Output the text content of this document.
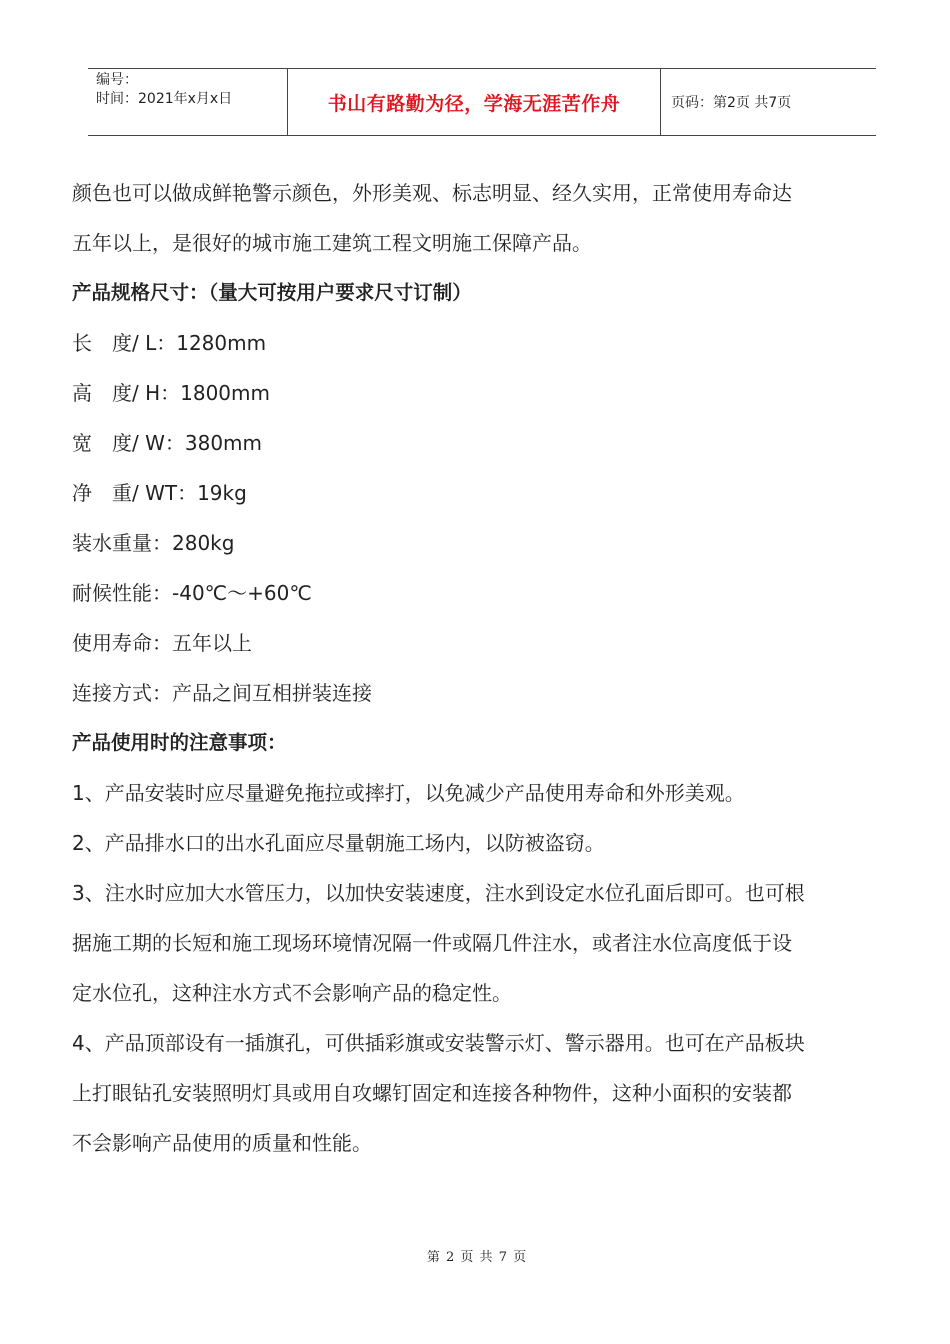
编号：
时间：2021年x月x日	书山有路勤为径，学海无涯苦作舟	页码：第2页 共7页
颜色也可以做成鲜艳警示颜色，外形美观、标志明显、经久实用，正常使用寿命达
五年以上，是很好的城市施工建筑工程文明施工保障产品。
产品规格尺寸：（量大可按用户要求尺寸订制）
长　度/ L：1280mm
高　度/ H：1800mm
宽　度/ W：380mm
净　重/ WT：19kg
装水重量：280kg
耐候性能：-40℃～+60℃
使用寿命：五年以上
连接方式：产品之间互相拼装连接
产品使用时的注意事项：
1、产品安装时应尽量避免拖拉或摔打，以免减少产品使用寿命和外形美观。
2、产品排水口的出水孔面应尽量朝施工场内，以防被盗窃。
3、注水时应加大水管压力，以加快安装速度，注水到设定水位孔面后即可。也可根
据施工期的长短和施工现场环境情况隔一件或隔几件注水，或者注水位高度低于设
定水位孔，这种注水方式不会影响产品的稳定性。
4、产品顶部设有一插旗孔，可供插彩旗或安装警示灯、警示器用。也可在产品板块
上打眼钻孔安装照明灯具或用自攻螺钉固定和连接各种物件，这种小面积的安装都
不会影响产品使用的质量和性能。
第 2 页 共 7 页
